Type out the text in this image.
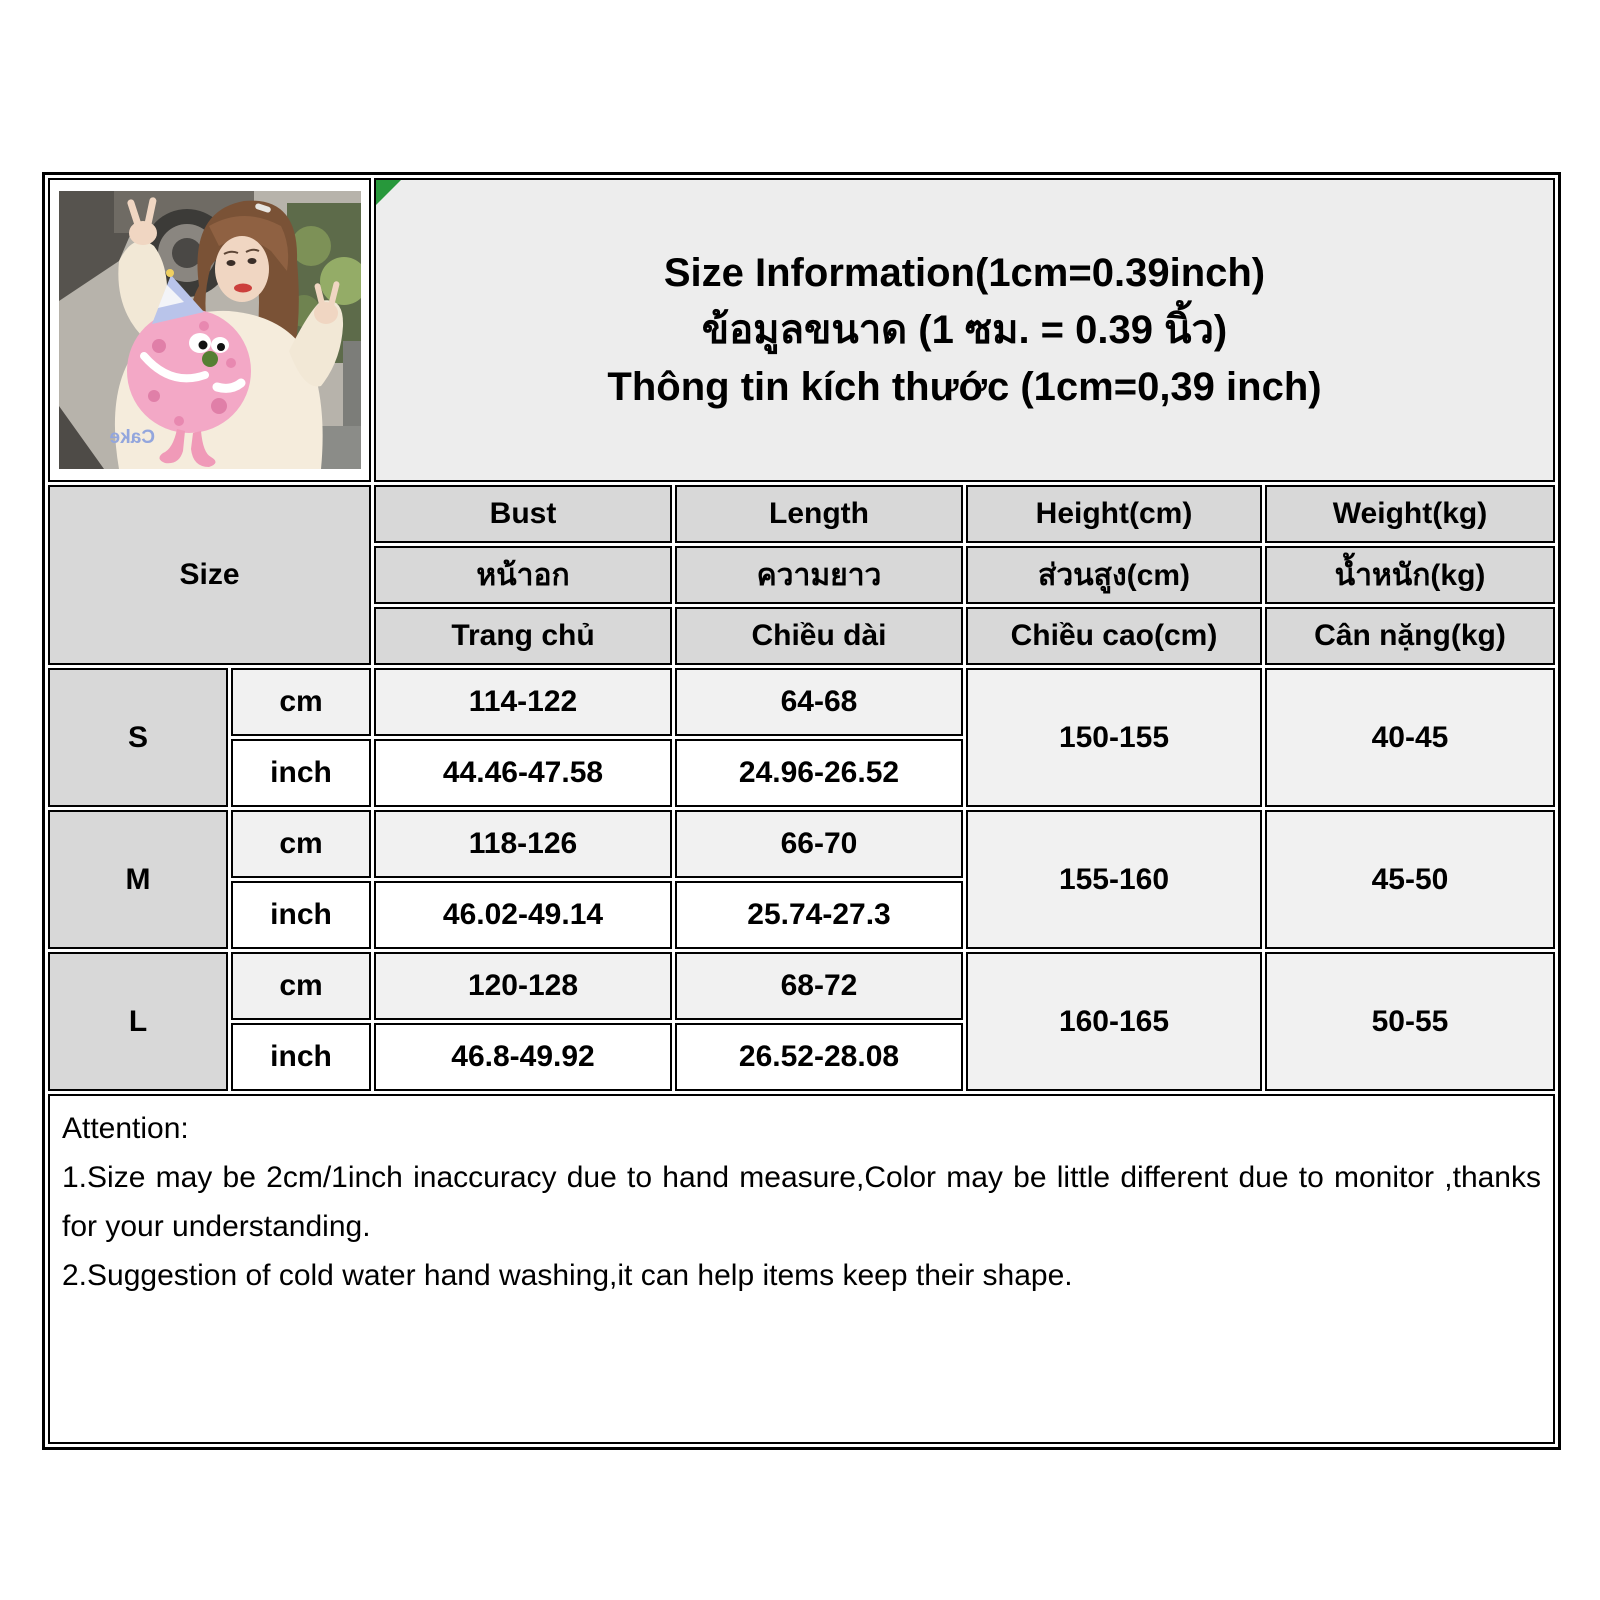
Cake		Size Information(1cm=0.39inch)
ข้อมูลขนาด (1 ซม. = 0.39 นิ้ว)
Thông tin kích thước (1cm=0,39 inch)			

Size		Bust	Length	Height(cm)	Weight(kg)
		หน้าอก	ความยาว	ส่วนสูง(cm)	น้ำหนัก(kg)
		Trang chủ	Chiều dài	Chiều cao(cm)	Cân nặng(kg)
S	cm	114-122	64-68	150-155	40-45
	inch	44.46-47.58	24.96-26.52		
M	cm	118-126	66-70	155-160	45-50
	inch	46.02-49.14	25.74-27.3		
L	cm	120-128	68-72	160-165	50-55
	inch	46.8-49.92	26.52-28.08		

Attention:

1.Size may be 2cm/1inch inaccuracy due to hand measure,Color may be little different due to monitor ,thanks for your understanding.

2.Suggestion of cold water hand washing,it can help items keep their shape.					
